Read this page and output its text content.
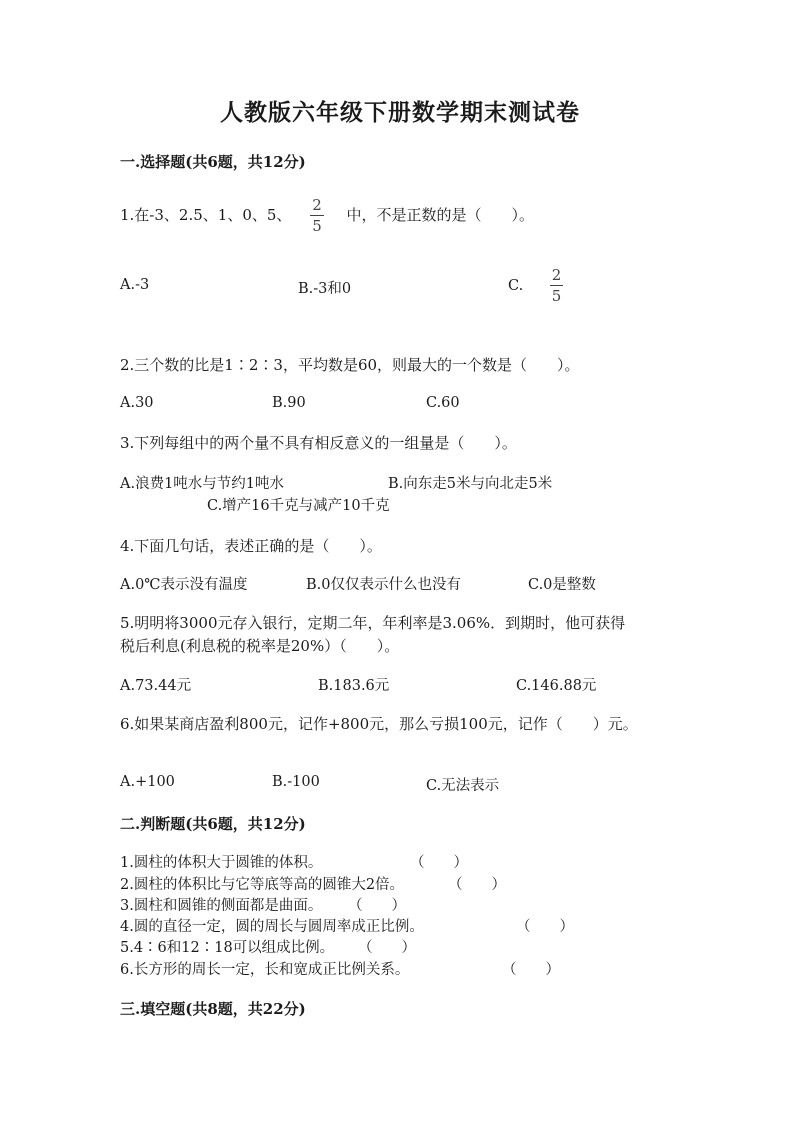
人教版六年级下册数学期末测试卷
一.选择题(共6题，共12分)
1.在-3、2.5、1、0、5、 $\frac{2}{5}$ 中，不是正数的是（　　）。
A.-3	B.-3和0	C. $\frac{2}{5}$
2.三个数的比是1∶2∶3，平均数是60，则最大的一个数是（　　）。
A.30	B.90	C.60
3.下列每组中的两个量不具有相反意义的一组量是（　　）。
A.浪费1吨水与节约1吨水	B.向东走5米与向北走5米
C.增产16千克与减产10千克
4.下面几句话，表述正确的是（　　）。
A.0℃表示没有温度	B.0仅仅表示什么也没有	C.0是整数
5.明明将3000元存入银行，定期二年，年利率是3.06%．到期时，他可获得
税后利息(利息税的税率是20%）（　　）。
A.73.44元	B.183.6元	C.146.88元
6.如果某商店盈利800元，记作+800元，那么亏损100元，记作（　　）元。
A.+100	B.-100	C.无法表示
二.判断题(共6题，共12分)
1.圆柱的体积大于圆锥的体积。	（　　）
2.圆柱的体积比与它等底等高的圆锥大2倍。	（　　）
3.圆柱和圆锥的侧面都是曲面。 （　　）
4.圆的直径一定，圆的周长与圆周率成正比例。	（　　）
5.4∶6和12∶18可以组成比例。 （　　）
6.长方形的周长一定，长和宽成正比例关系。	（　　）
三.填空题(共8题，共22分)
